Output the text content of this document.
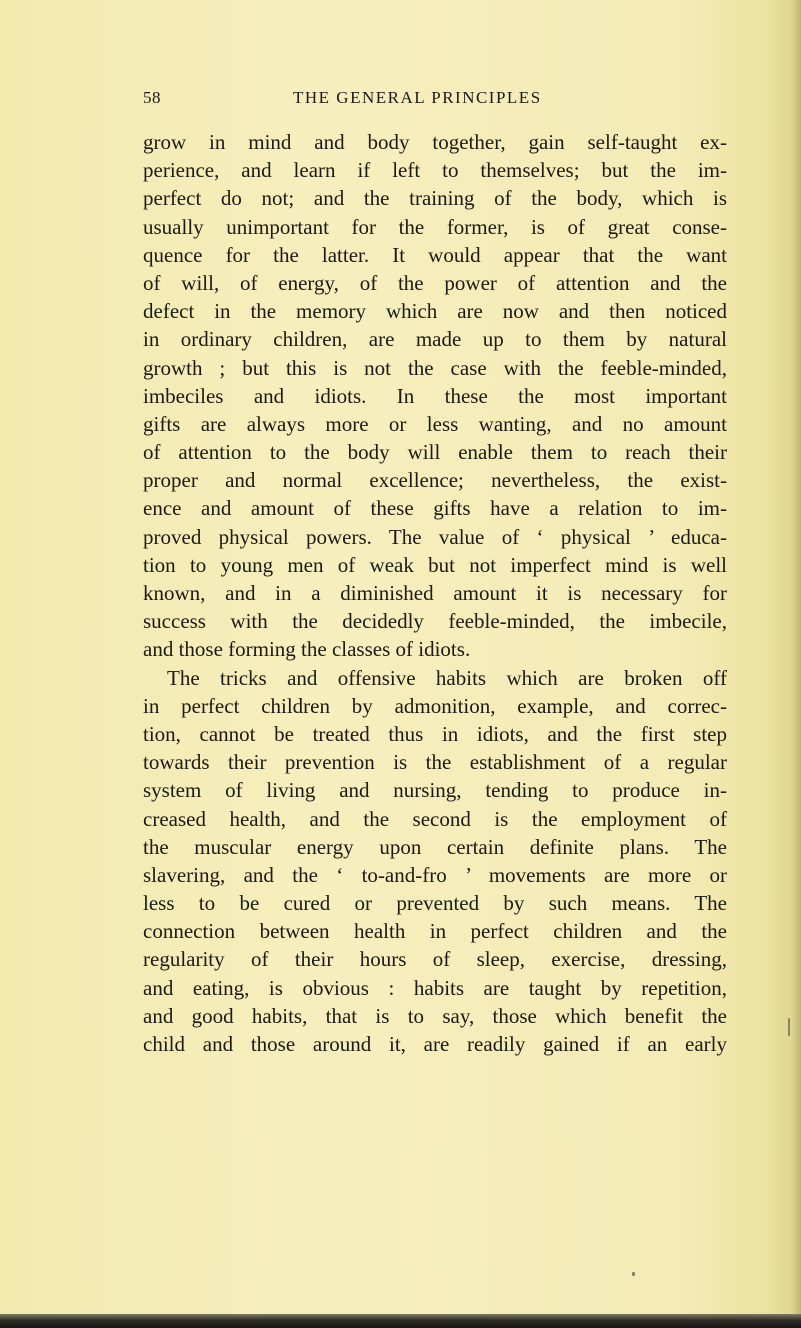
58	THE GENERAL PRINCIPLES
grow in mind and body together, gain self-taught ex-
perience, and learn if left to themselves; but the im-
perfect do not; and the training of the body, which is
usually unimportant for the former, is of great conse-
quence for the latter. It would appear that the want
of will, of energy, of the power of attention and the
defect in the memory which are now and then noticed
in ordinary children, are made up to them by natural
growth ; but this is not the case with the feeble-minded,
imbeciles and idiots. In these the most important
gifts are always more or less wanting, and no amount
of attention to the body will enable them to reach their
proper and normal excellence; nevertheless, the exist-
ence and amount of these gifts have a relation to im-
proved physical powers. The value of ‘ physical ’ educa-
tion to young men of weak but not imperfect mind is well
known, and in a diminished amount it is necessary for
success with the decidedly feeble-minded, the imbecile,
and those forming the classes of idiots.
The tricks and offensive habits which are broken off
in perfect children by admonition, example, and correc-
tion, cannot be treated thus in idiots, and the first step
towards their prevention is the establishment of a regular
system of living and nursing, tending to produce in-
creased health, and the second is the employment of
the muscular energy upon certain definite plans. The
slavering, and the ‘ to-and-fro ’ movements are more or
less to be cured or prevented by such means. The
connection between health in perfect children and the
regularity of their hours of sleep, exercise, dressing,
and eating, is obvious : habits are taught by repetition,
and good habits, that is to say, those which benefit the
child and those around it, are readily gained if an early
